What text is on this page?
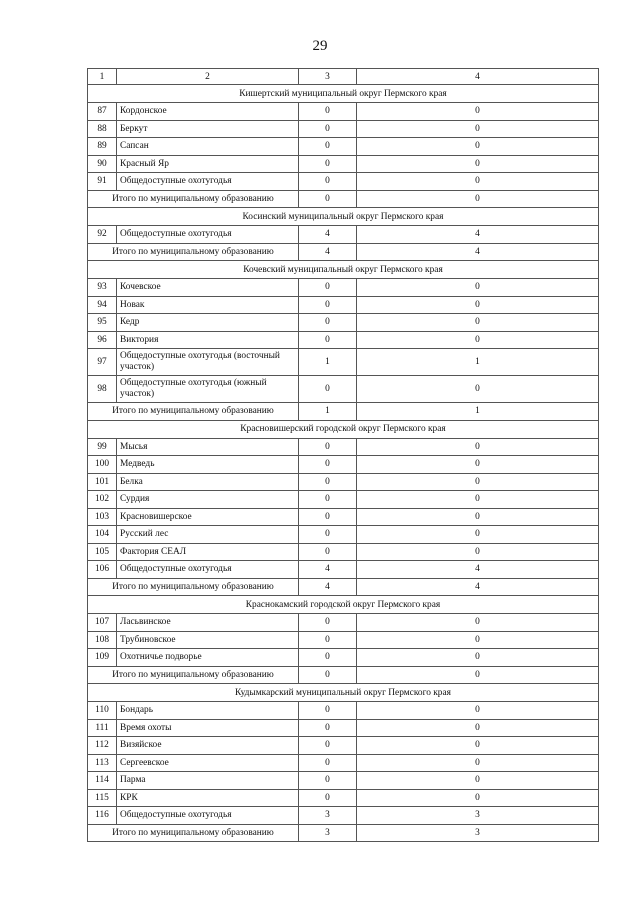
29
1	2	3	4
Кишертский муниципальный округ Пермского края			
87	Кордонское	0	0
88	Беркут	0	0
89	Сапсан	0	0
90	Красный Яр	0	0
91	Общедоступные охотугодья	0	0
Итого по муниципальному образованию		0	0
Косинский муниципальный округ Пермского края			
92	Общедоступные охотугодья	4	4
Итого по муниципальному образованию		4	4
Кочевский муниципальный округ Пермского края			
93	Кочевское	0	0
94	Новак	0	0
95	Кедр	0	0
96	Виктория	0	0
97	Общедоступные охотугодья (восточный участок)	1	1
98	Общедоступные охотугодья (южный участок)	0	0
Итого по муниципальному образованию		1	1
Красновишерский городской округ Пермского края			
99	Мысья	0	0
100	Медведь	0	0
101	Белка	0	0
102	Сурдия	0	0
103	Красновишерское	0	0
104	Русский лес	0	0
105	Фактория СЕАЛ	0	0
106	Общедоступные охотугодья	4	4
Итого по муниципальному образованию		4	4
Краснокамский городской округ Пермского края			
107	Ласьвинское	0	0
108	Трубиновское	0	0
109	Охотничье подворье	0	0
Итого по муниципальному образованию		0	0
Кудымкарский муниципальный округ Пермского края			
110	Бондарь	0	0
111	Время охоты	0	0
112	Визяйское	0	0
113	Сергеевское	0	0
114	Парма	0	0
115	КРК	0	0
116	Общедоступные охотугодья	3	3
Итого по муниципальному образованию		3	3
